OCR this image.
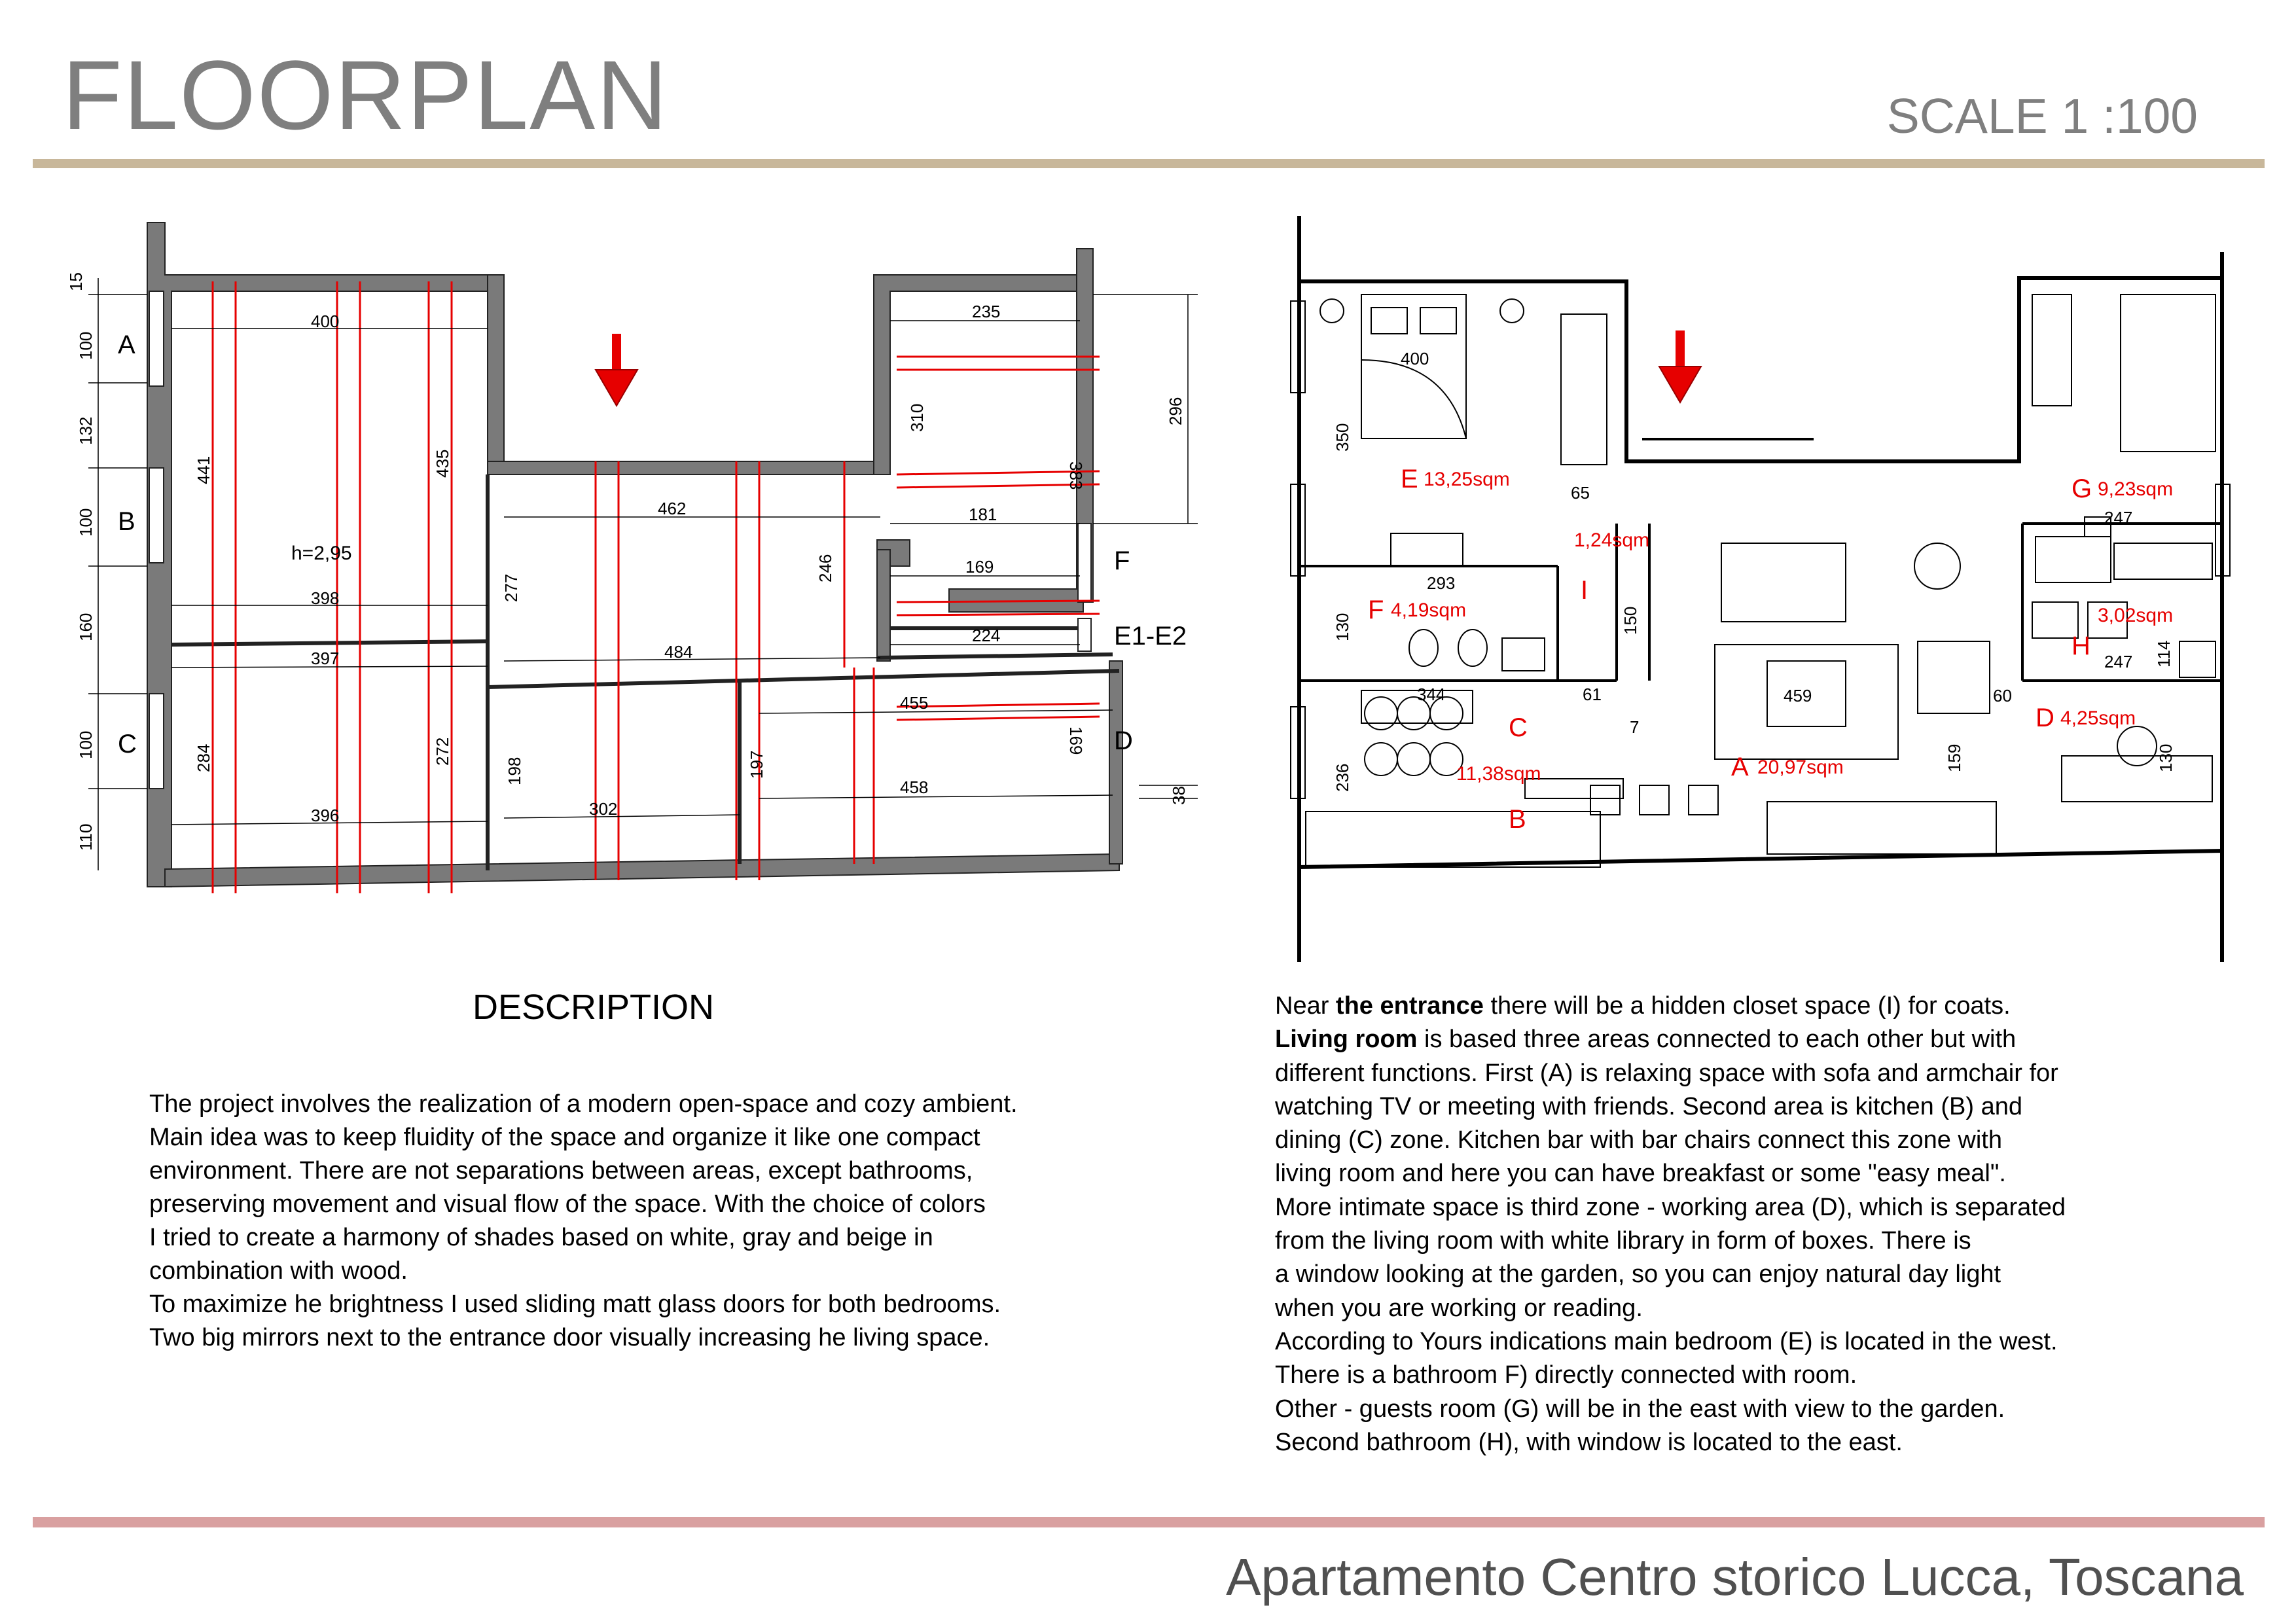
FLOORPLAN	SCALE 1 :100
15
100
132
100
160
100
110
400
441	435
398
397
284	272
396
462
277
484
198
302
197
235
310
383
296
181
169
246
224
455
458
169
38
A
B
C
F
E1-E2
D
h=2,95
400
350
65
293
130	150
344	61
7
236
459
159
60
247
247 114
130
E 13,25sqm
F 4,19sqm
I
1,24sqm
C
11,38sqm
B
A 20,97sqm
G 9,23sqm
H
3,02sqm
D 4,25sqm
DESCRIPTION

The project involves the realization of a modern open-space and cozy ambient.

Main idea was to keep fluidity of the space and organize it like one compact

environment. There are not separations between areas, except bathrooms,

preserving movement and visual flow of the space. With the choice of colors

I tried to create a harmony of shades based on white, gray and beige in

combination with wood.

To maximize he brightness I used sliding matt glass doors for both bedrooms.

Two big mirrors next to the entrance door visually increasing he living space.

Near the entrance there will be a hidden closet space (I) for coats.

Living room is based three areas connected to each other but with

different functions. First (A) is relaxing space with sofa and armchair for

watching TV or meeting with friends. Second area is kitchen (B) and

dining (C) zone. Kitchen bar with bar chairs connect this zone with

living room and here you can have breakfast or some "easy meal".

More intimate space is third zone - working area (D), which is separated

from the living room with white library in form of boxes. There is

a window looking at the garden, so you can enjoy natural day light

when you are working or reading.

According to Yours indications main bedroom (E) is located in the west.

There is a bathroom F) directly connected with room.

Other - guests room (G) will be in the east with view to the garden.

Second bathroom (H), with window is located to the east.

Apartamento Centro storico Lucca, Toscana
